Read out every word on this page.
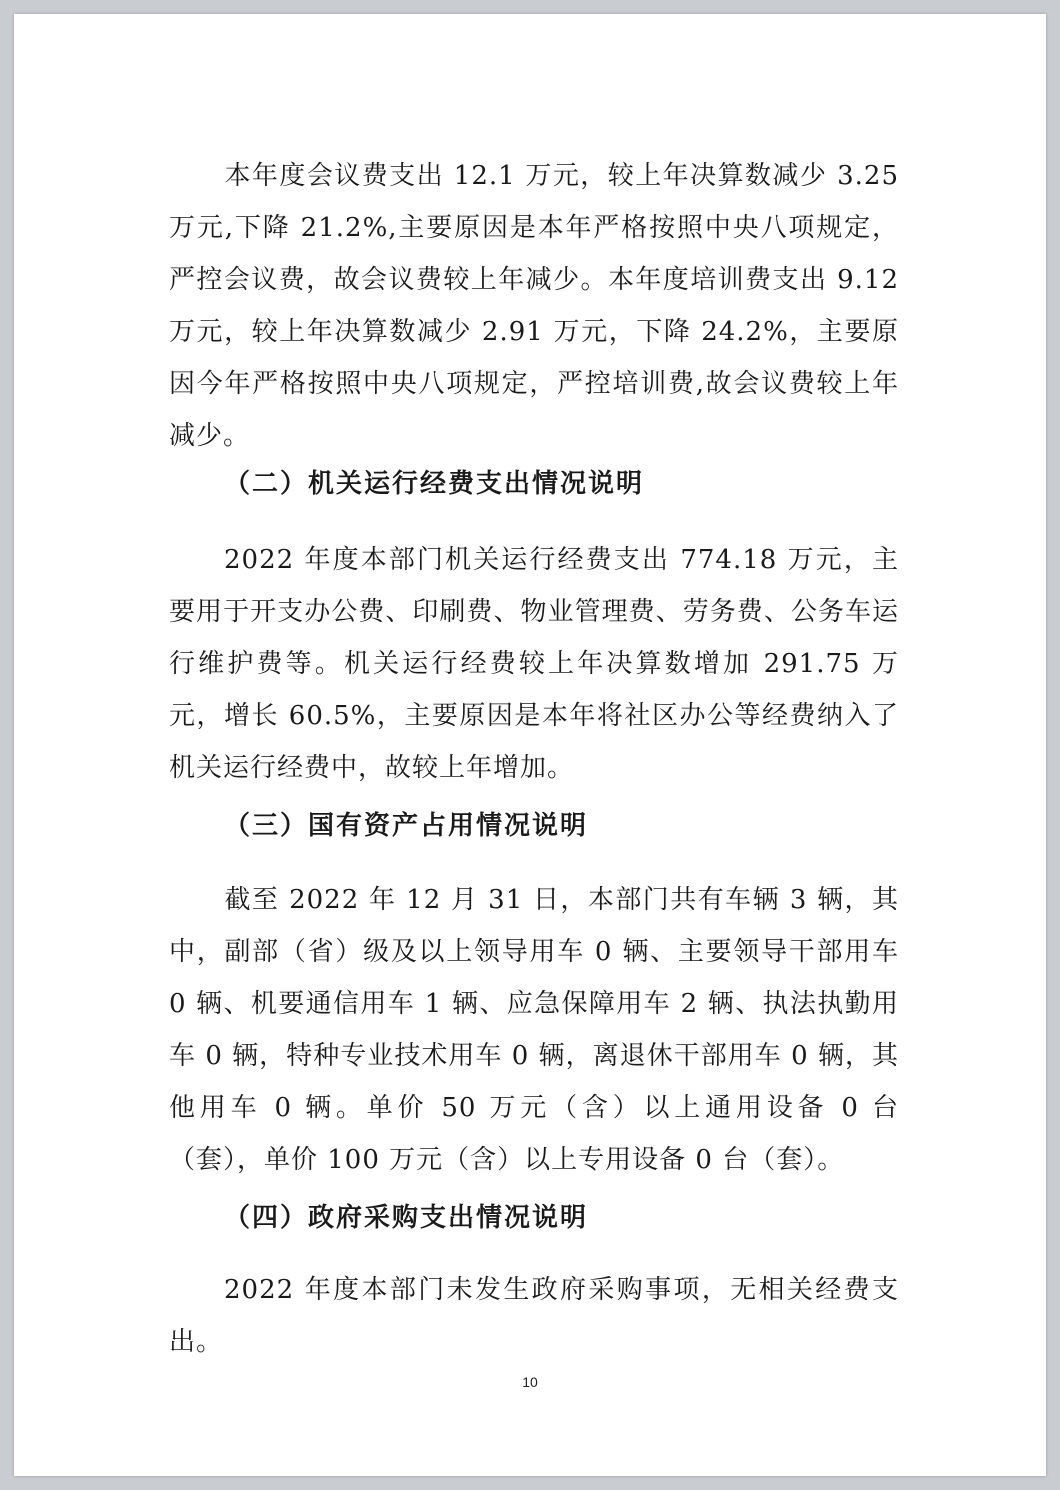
本年度会议费支出 12.1 万元，较上年决算数减少 3.25 万元,下降 21.2%,主要原因是本年严格按照中央八项规定，严控会议费，故会议费较上年减少。本年度培训费支出 9.12 万元，较上年决算数减少 2.91 万元，下降 24.2%，主要原因今年严格按照中央八项规定，严控培训费,故会议费较上年减少。

（二）机关运行经费支出情况说明

2022 年度本部门机关运行经费支出 774.18 万元，主要用于开支办公费、印刷费、物业管理费、劳务费、公务车运行维护费等。机关运行经费较上年决算数增加 291.75 万元，增长 60.5%，主要原因是本年将社区办公等经费纳入了机关运行经费中，故较上年增加。

（三）国有资产占用情况说明

截至 2022 年 12 月 31 日，本部门共有车辆 3 辆，其中，副部（省）级及以上领导用车 0 辆、主要领导干部用车 0 辆、机要通信用车 1 辆、应急保障用车 2 辆、执法执勤用车 0 辆，特种专业技术用车 0 辆，离退休干部用车 0 辆，其他用车 0 辆。单价 50 万元（含）以上通用设备 0 台（套），单价 100 万元（含）以上专用设备 0 台（套）。

（四）政府采购支出情况说明

2022 年度本部门未发生政府采购事项，无相关经费支出。

10
